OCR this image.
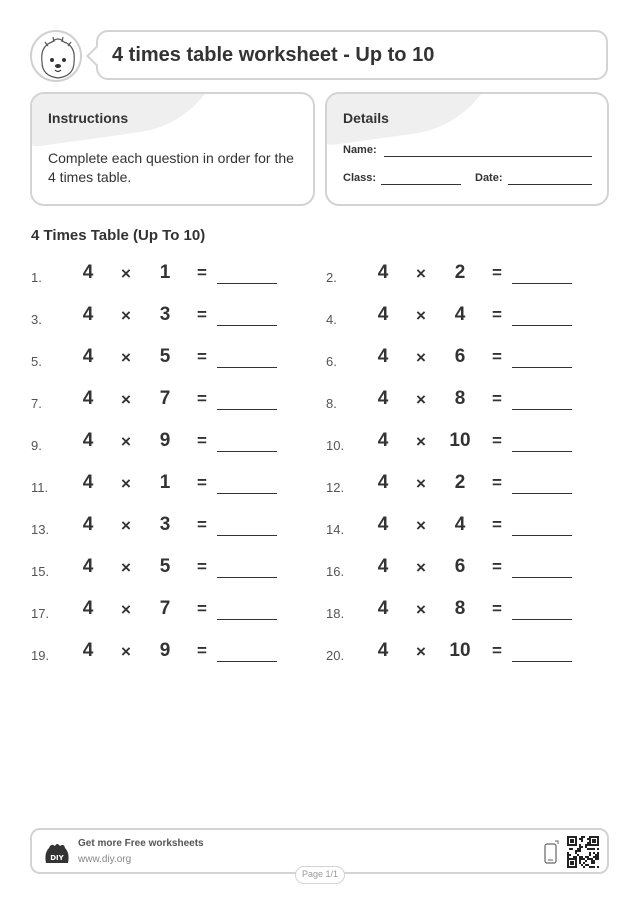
4 times table worksheet - Up to 10
Instructions
Complete each question in order for the 4 times table.
Details
Name:
Class:	Date:
4 Times Table (Up To 10)
1.	4	×	1	=	2.	4	×	2	=
3.	4	×	3	=	4.	4	×	4	=
5.	4	×	5	=	6.	4	×	6	=
7.	4	×	7	=	8.	4	×	8	=
9.	4	×	9	=	10.	4	×	10	=
11.	4	×	1	=	12.	4	×	2	=
13.	4	×	3	=	14.	4	×	4	=
15.	4	×	5	=	16.	4	×	6	=
17.	4	×	7	=	18.	4	×	8	=
19.	4	×	9	=	20.	4	×	10	=
DIY
Get more Free worksheets
www.diy.org
Page 1/1
